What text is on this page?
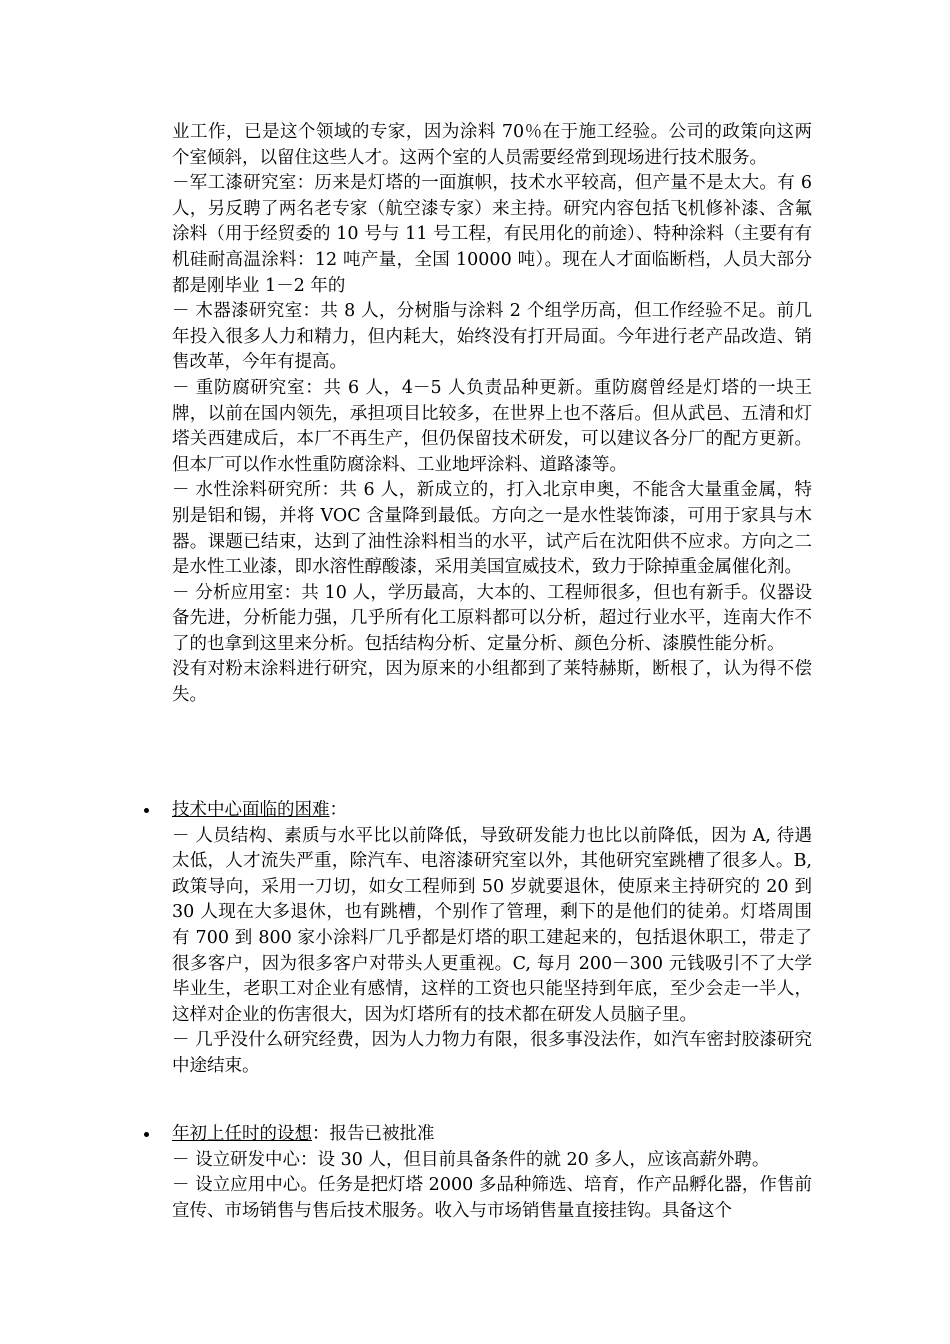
业工作，已是这个领域的专家，因为涂料 70％在于施工经验。公司的政策向这两个室倾斜，以留住这些人才。这两个室的人员需要经常到现场进行技术服务。

－军工漆研究室：历来是灯塔的一面旗帜，技术水平较高，但产量不是太大。有 6 人，另反聘了两名老专家（航空漆专家）来主持。研究内容包括飞机修补漆、含氟涂料（用于经贸委的 10 号与 11 号工程，有民用化的前途）、特种涂料（主要有有机硅耐高温涂料：12 吨产量，全国 10000 吨）。现在人才面临断档，人员大部分都是刚毕业 1－2 年的

－ 木器漆研究室：共 8 人，分树脂与涂料 2 个组学历高，但工作经验不足。前几年投入很多人力和精力，但内耗大，始终没有打开局面。今年进行老产品改造、销售改革，今年有提高。

－ 重防腐研究室：共 6 人，4－5 人负责品种更新。重防腐曾经是灯塔的一块王牌，以前在国内领先，承担项目比较多，在世界上也不落后。但从武邑、五清和灯塔关西建成后，本厂不再生产，但仍保留技术研发，可以建议各分厂的配方更新。但本厂可以作水性重防腐涂料、工业地坪涂料、道路漆等。

－ 水性涂料研究所：共 6 人，新成立的，打入北京申奥，不能含大量重金属，特别是铝和锡，并将 VOC 含量降到最低。方向之一是水性装饰漆，可用于家具与木器。课题已结束，达到了油性涂料相当的水平，试产后在沈阳供不应求。方向之二是水性工业漆，即水溶性醇酸漆，采用美国宣威技术，致力于除掉重金属催化剂。

－ 分析应用室：共 10 人，学历最高，大本的、工程师很多，但也有新手。仪器设备先进，分析能力强，几乎所有化工原料都可以分析，超过行业水平，连南大作不了的也拿到这里来分析。包括结构分析、定量分析、颜色分析、漆膜性能分析。

没有对粉末涂料进行研究，因为原来的小组都到了莱特赫斯，断根了，认为得不偿失。

技术中心面临的困难：

－ 人员结构、素质与水平比以前降低，导致研发能力也比以前降低，因为 A, 待遇太低，人才流失严重，除汽车、电溶漆研究室以外，其他研究室跳槽了很多人。B, 政策导向，采用一刀切，如女工程师到 50 岁就要退休，使原来主持研究的 20 到 30 人现在大多退休，也有跳槽，个别作了管理，剩下的是他们的徒弟。灯塔周围有 700 到 800 家小涂料厂几乎都是灯塔的职工建起来的，包括退休职工，带走了很多客户，因为很多客户对带头人更重视。C, 每月 200－300 元钱吸引不了大学毕业生，老职工对企业有感情，这样的工资也只能坚持到年底，至少会走一半人，这样对企业的伤害很大，因为灯塔所有的技术都在研发人员脑子里。

－ 几乎没什么研究经费，因为人力物力有限，很多事没法作，如汽车密封胶漆研究中途结束。

年初上任时的设想：报告已被批准

－ 设立研发中心：设 30 人，但目前具备条件的就 20 多人，应该高薪外聘。

－ 设立应用中心。任务是把灯塔 2000 多品种筛选、培育，作产品孵化器，作售前宣传、市场销售与售后技术服务。收入与市场销售量直接挂钩。具备这个
